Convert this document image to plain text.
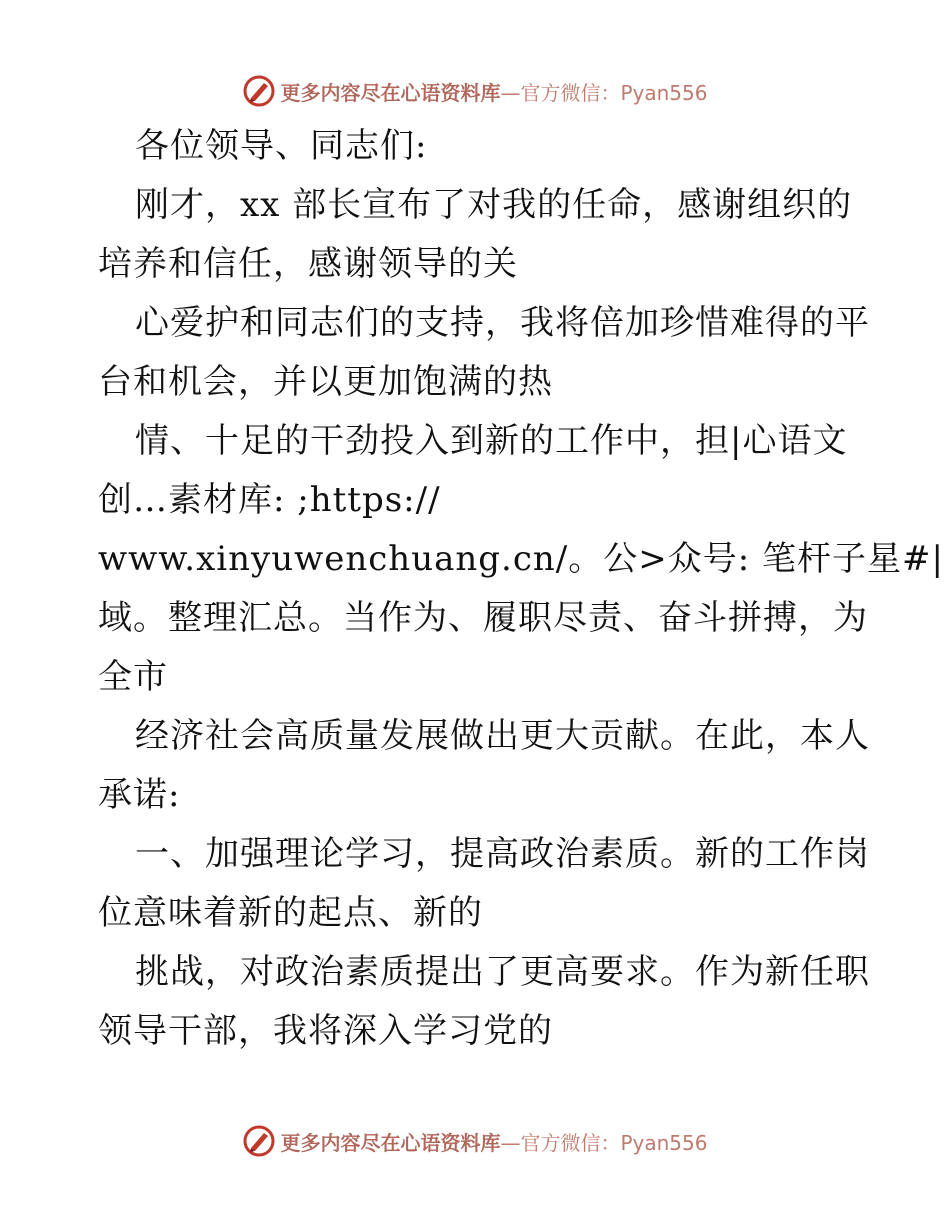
更多内容尽在心语资料库 —官方微信：Pyan556
各位领导、同志们:
刚才，xx 部长宣布了对我的任命，感谢组织的
培养和信任，感谢领导的关
心爱护和同志们的支持，我将倍加珍惜难得的平
台和机会，并以更加饱满的热
情、十足的干劲投入到新的工作中，担|心语文
创…素材库: ;https://
www.xinyuwenchuang.cn/。公>众号: 笔杆子星#|
域。整理汇总。当作为、履职尽责、奋斗拼搏，为
全市
经济社会高质量发展做出更大贡献。在此，本人
承诺:
一、加强理论学习，提高政治素质。新的工作岗
位意味着新的起点、新的
挑战，对政治素质提出了更高要求。作为新任职
领导干部，我将深入学习党的
更多内容尽在心语资料库 —官方微信：Pyan556
